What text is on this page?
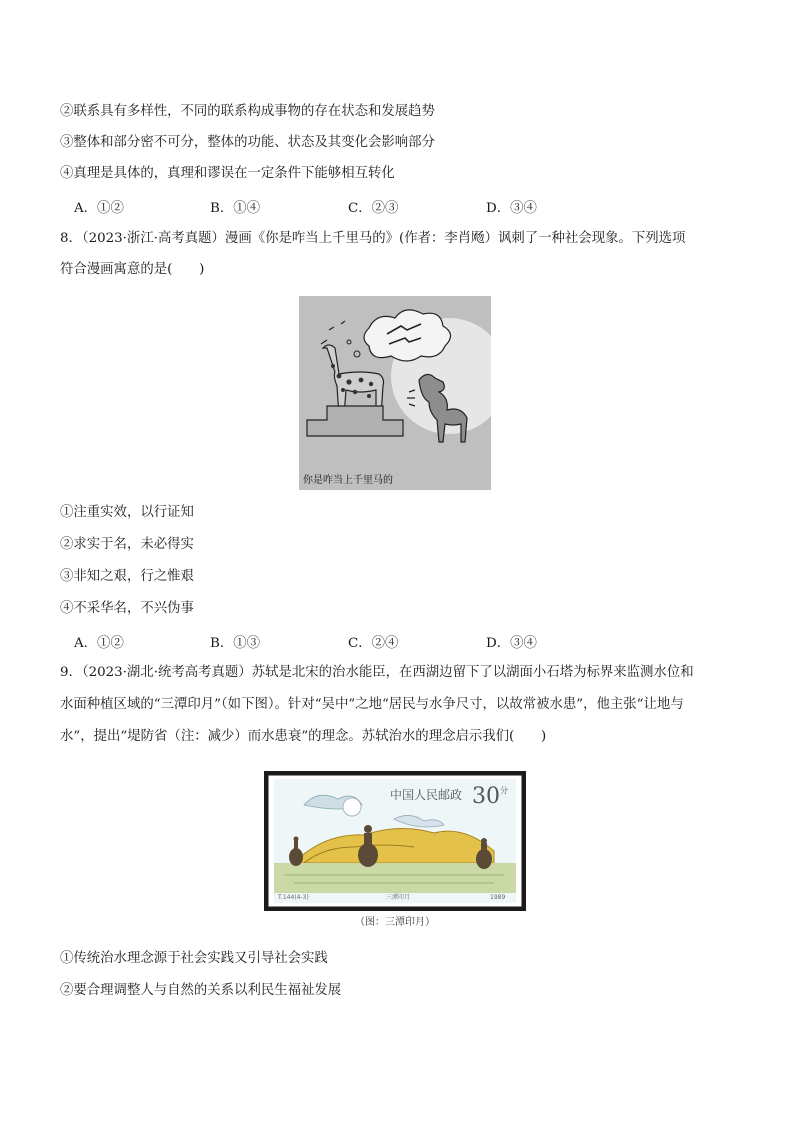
②联系具有多样性，不同的联系构成事物的存在状态和发展趋势
③整体和部分密不可分，整体的功能、状态及其变化会影响部分
④真理是具体的，真理和谬误在一定条件下能够相互转化
A．①②	B．①④	C．②③	D．③④
8．（2023·浙江·高考真题）漫画《你是咋当上千里马的》(作者：李肖飏）讽刺了一种社会现象。下列选项
符合漫画寓意的是(　　)
你是咋当上千里马的
①注重实效，以行证知
②求实于名，未必得实
③非知之艰，行之惟艰
④不采华名，不兴伪事
A．①②	B．①③	C．②④	D．③④
9．（2023·湖北·统考高考真题）苏轼是北宋的治水能臣，在西湖边留下了以湖面小石塔为标界来监测水位和
水面种植区域的“三潭印月”（如下图）。针对“吴中”之地“居民与水争尺寸，以故常被水患”，他主张“让地与
水”，提出“堤防省（注：减少）而水患衰”的理念。苏轼治水的理念启示我们(　　)
中国人民邮政 30 分
T.144(4-3)	三潭印月	1989
（图：三潭印月）
①传统治水理念源于社会实践又引导社会实践
②要合理调整人与自然的关系以利民生福祉发展
